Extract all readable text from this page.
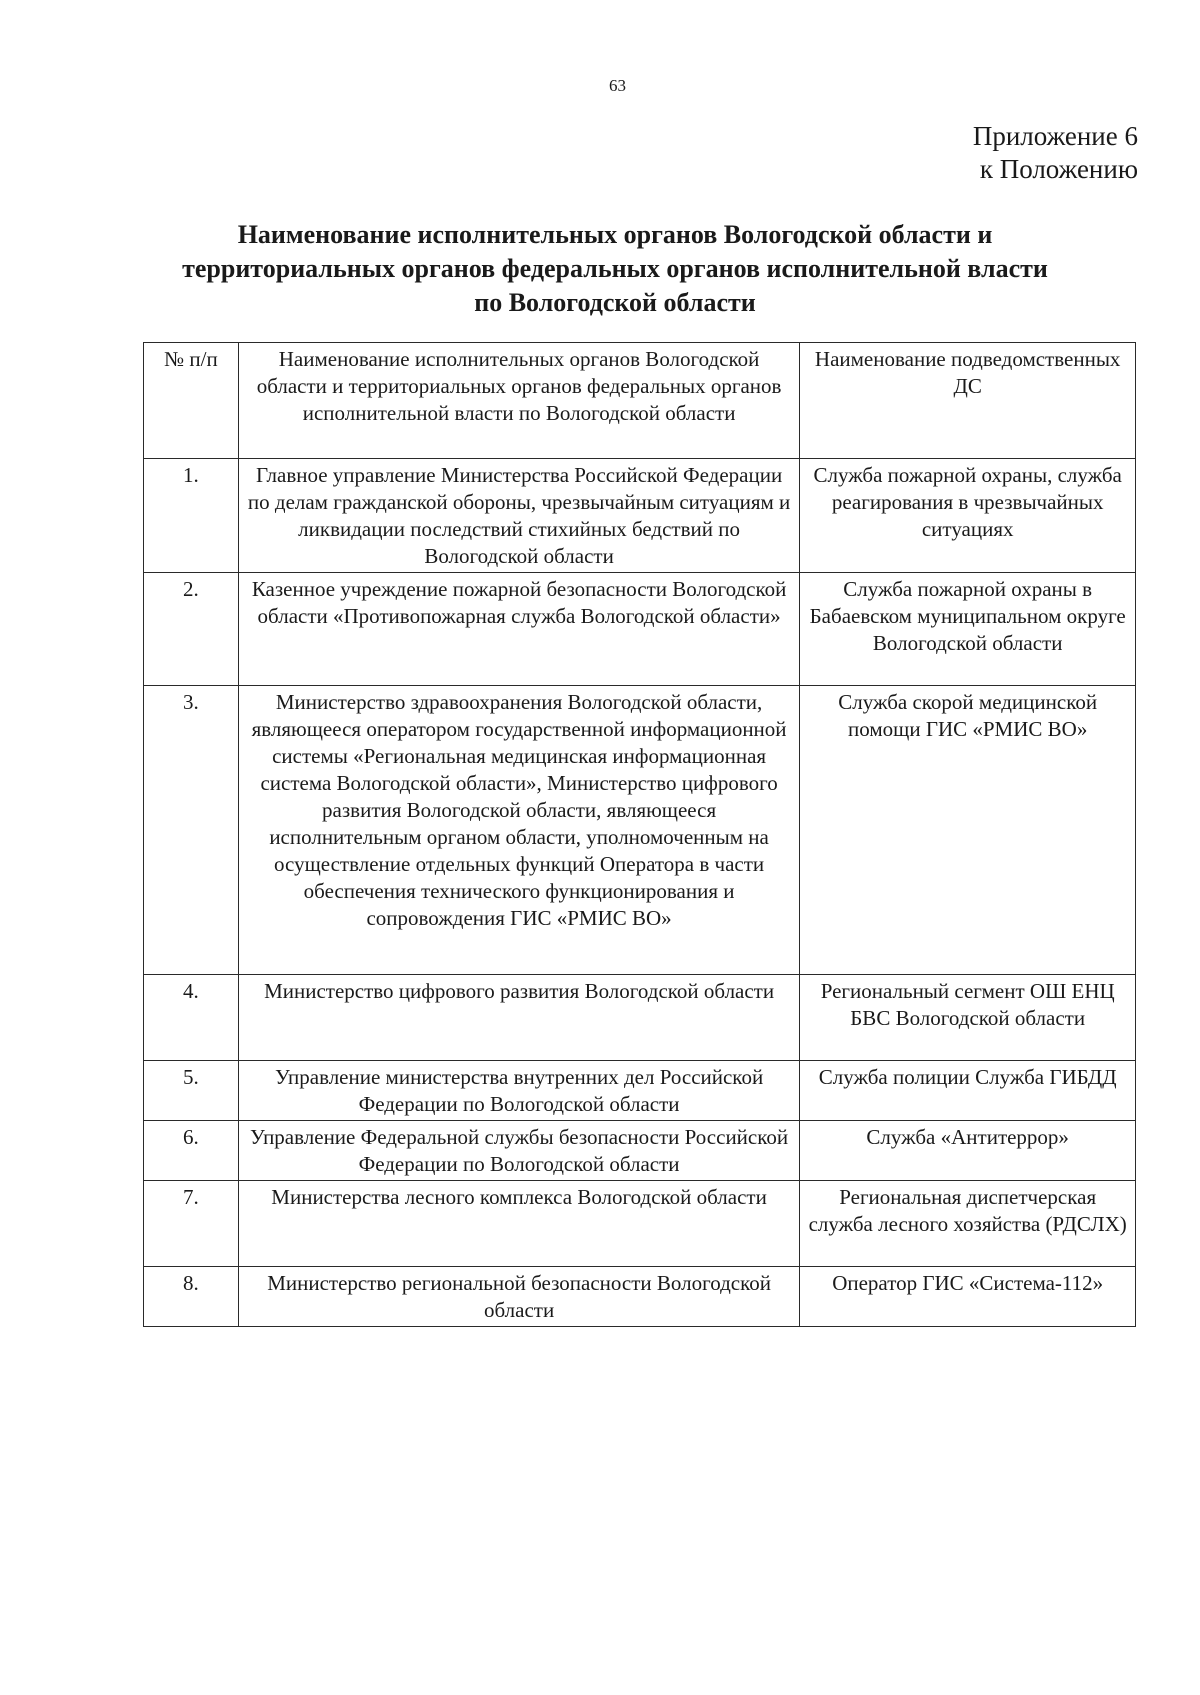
63
Приложение 6
к Положению
Наименование исполнительных органов Вологодской области и
территориальных органов федеральных органов исполнительной власти
по Вологодской области
№ п/п	Наименование исполнительных органов Вологодской области и территориальных органов федеральных органов исполнительной власти по Вологодской области	Наименование подведомственных ДС
1.	Главное управление Министерства Российской Федерации по делам гражданской обороны, чрезвычайным ситуациям и ликвидации последствий стихийных бедствий по Вологодской области	Служба пожарной охраны, служба реагирования в чрезвычайных ситуациях
2.	Казенное учреждение пожарной безопасности Вологодской области «Противопожарная служба Вологодской области»	Служба пожарной охраны в Бабаевском муниципальном округе Вологодской области
3.	Министерство здравоохранения Вологодской области, являющееся оператором государственной информационной системы «Региональная медицинская информационная система Вологодской области», Министерство цифрового развития Вологодской области, являющееся исполнительным органом области, уполномоченным на осуществление отдельных функций Оператора в части обеспечения технического функционирования и сопровождения ГИС «РМИС ВО»	Служба скорой медицинской помощи ГИС «РМИС ВО»
4.	Министерство цифрового развития Вологодской области	Региональный сегмент ОШ ЕНЦ БВС Вологодской области
5.	Управление министерства внутренних дел Российской Федерации по Вологодской области	Служба полиции Служба ГИБДД
6.	Управление Федеральной службы безопасности Российской Федерации по Вологодской области	Служба «Антитеррор»
7.	Министерства лесного комплекса Вологодской области	Региональная диспетчерская служба лесного хозяйства (РДСЛХ)
8.	Министерство региональной безопасности Вологодской области	Оператор ГИС «Система-112»
